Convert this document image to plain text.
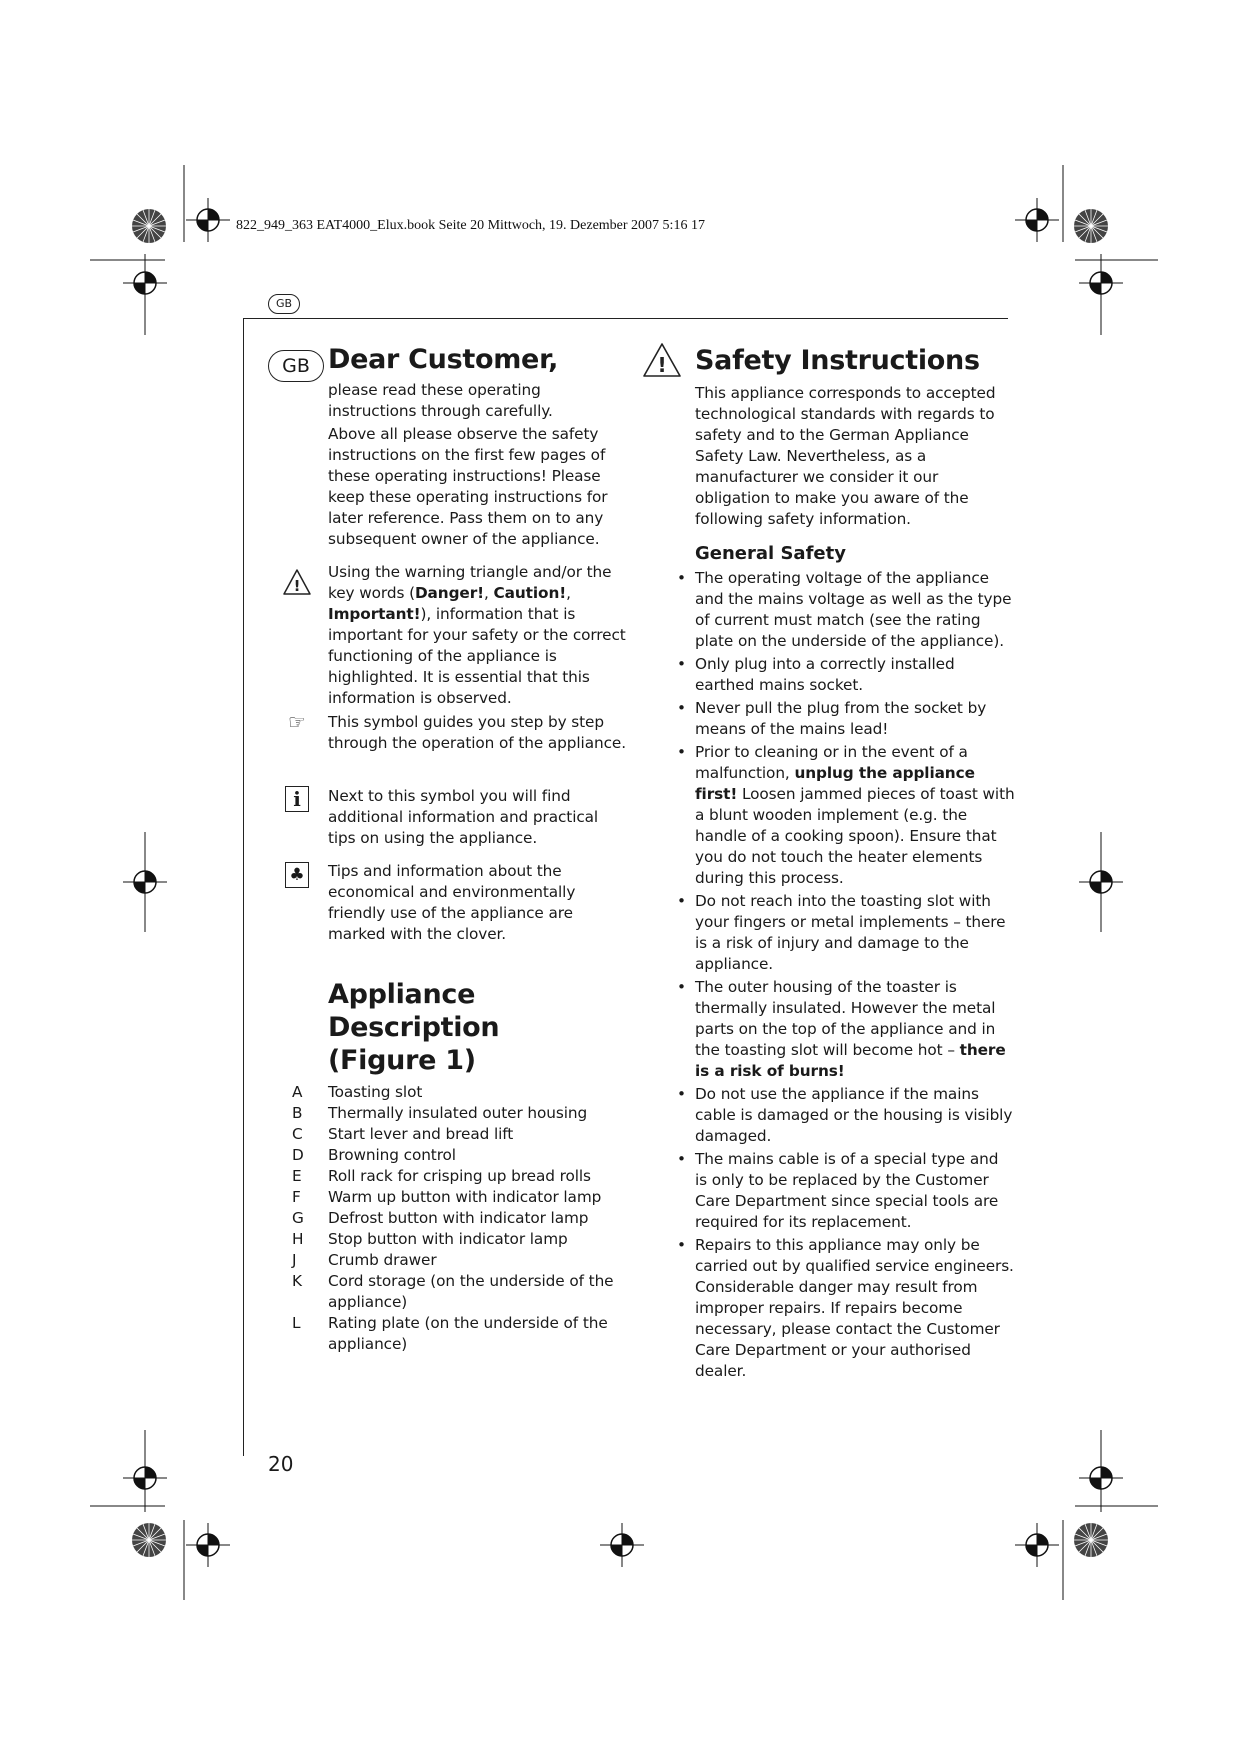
822_949_363 EAT4000_Elux.book Seite 20 Mittwoch, 19. Dezember 2007 5:16 17
GB
GB Dear Customer,

please read these operating instructions through carefully.

Above all please observe the safety instructions on the first few pages of these operating instructions! Please keep these operating instructions for later reference. Pass them on to any subsequent owner of the appliance.

!

Using the warning triangle and/or the key words (Danger!, Caution!, Important!), information that is important for your safety or the correct functioning of the appliance is highlighted. It is essential that this information is observed.

☞	This symbol guides you step by step through the operation of the appliance.
i	Next to this symbol you will find additional information and practical tips on using the appliance.
♣	Tips and information about the economical and environmentally friendly use of the appliance are marked with the clover.
Appliance Description
(Figure 1)
A	Toasting slot
B	Thermally insulated outer housing
C	Start lever and bread lift
D	Browning control
E	Roll rack for crisping up bread rolls
F	Warm up button with indicator lamp
G	Defrost button with indicator lamp
H	Stop button with indicator lamp
J	Crumb drawer
K	Cord storage (on the underside of the appliance)
L	Rating plate (on the underside of the appliance)
! Safety Instructions

This appliance corresponds to accepted technological standards with regards to safety and to the German Appliance Safety Law. Nevertheless, as a manufacturer we consider it our obligation to make you aware of the following safety information.

General Safety
• The operating voltage of the appliance and the mains voltage as well as the type of current must match (see the rating plate on the underside of the appliance).
• Only plug into a correctly installed earthed mains socket.
• Never pull the plug from the socket by means of the mains lead!
• Prior to cleaning or in the event of a malfunction, unplug the appliance first! Loosen jammed pieces of toast with a blunt wooden implement (e.g. the handle of a cooking spoon). Ensure that you do not touch the heater elements during this process.
• Do not reach into the toasting slot with your fingers or metal implements – there is a risk of injury and damage to the appliance.
• The outer housing of the toaster is thermally insulated. However the metal parts on the top of the appliance and in the toasting slot will become hot – there is a risk of burns!
• Do not use the appliance if the mains cable is damaged or the housing is visibly damaged.
• The mains cable is of a special type and is only to be replaced by the Customer Care Department since special tools are required for its replacement.
• Repairs to this appliance may only be carried out by qualified service engineers. Considerable danger may result from improper repairs. If repairs become necessary, please contact the Customer Care Department or your authorised dealer.
20
